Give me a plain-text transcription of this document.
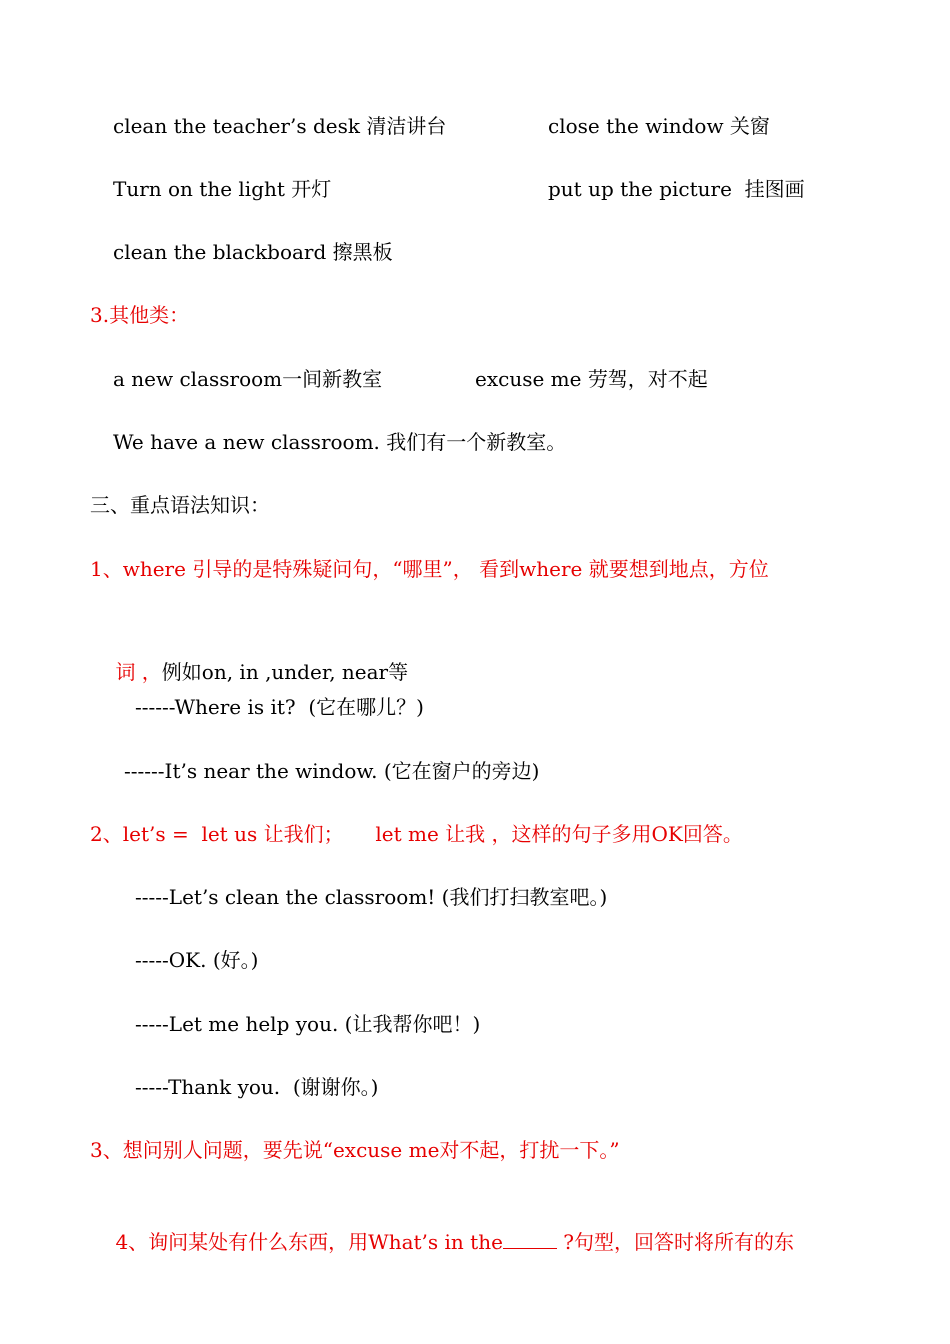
clean the teacher’s desk 清洁讲台	close the window 关窗
Turn on the light 开灯	put up the picture  挂图画
clean the blackboard 擦黑板
3.其他类：
a new classroom一间新教室	excuse me 劳驾，对不起
We have a new classroom. 我们有一个新教室。
三、重点语法知识：
1、where 引导的是特殊疑问句，“哪里”， 看到where 就要想到地点，方位

词 ，例如on, in ,under, near等

------Where is it?  (它在哪儿？)
------It’s near the window. (它在窗户的旁边)
2、let’s =  let us 让我们；     let me 让我 ，这样的句子多用OK回答。
-----Let’s clean the classroom! (我们打扫教室吧。)
-----OK. (好。)
-----Let me help you. (让我帮你吧！)
-----Thank you.  (谢谢你。)
3、想问别人问题，要先说“excuse me对不起，打扰一下。”

4、询问某处有什么东西，用What’s in the	?句型，回答时将所有的东
